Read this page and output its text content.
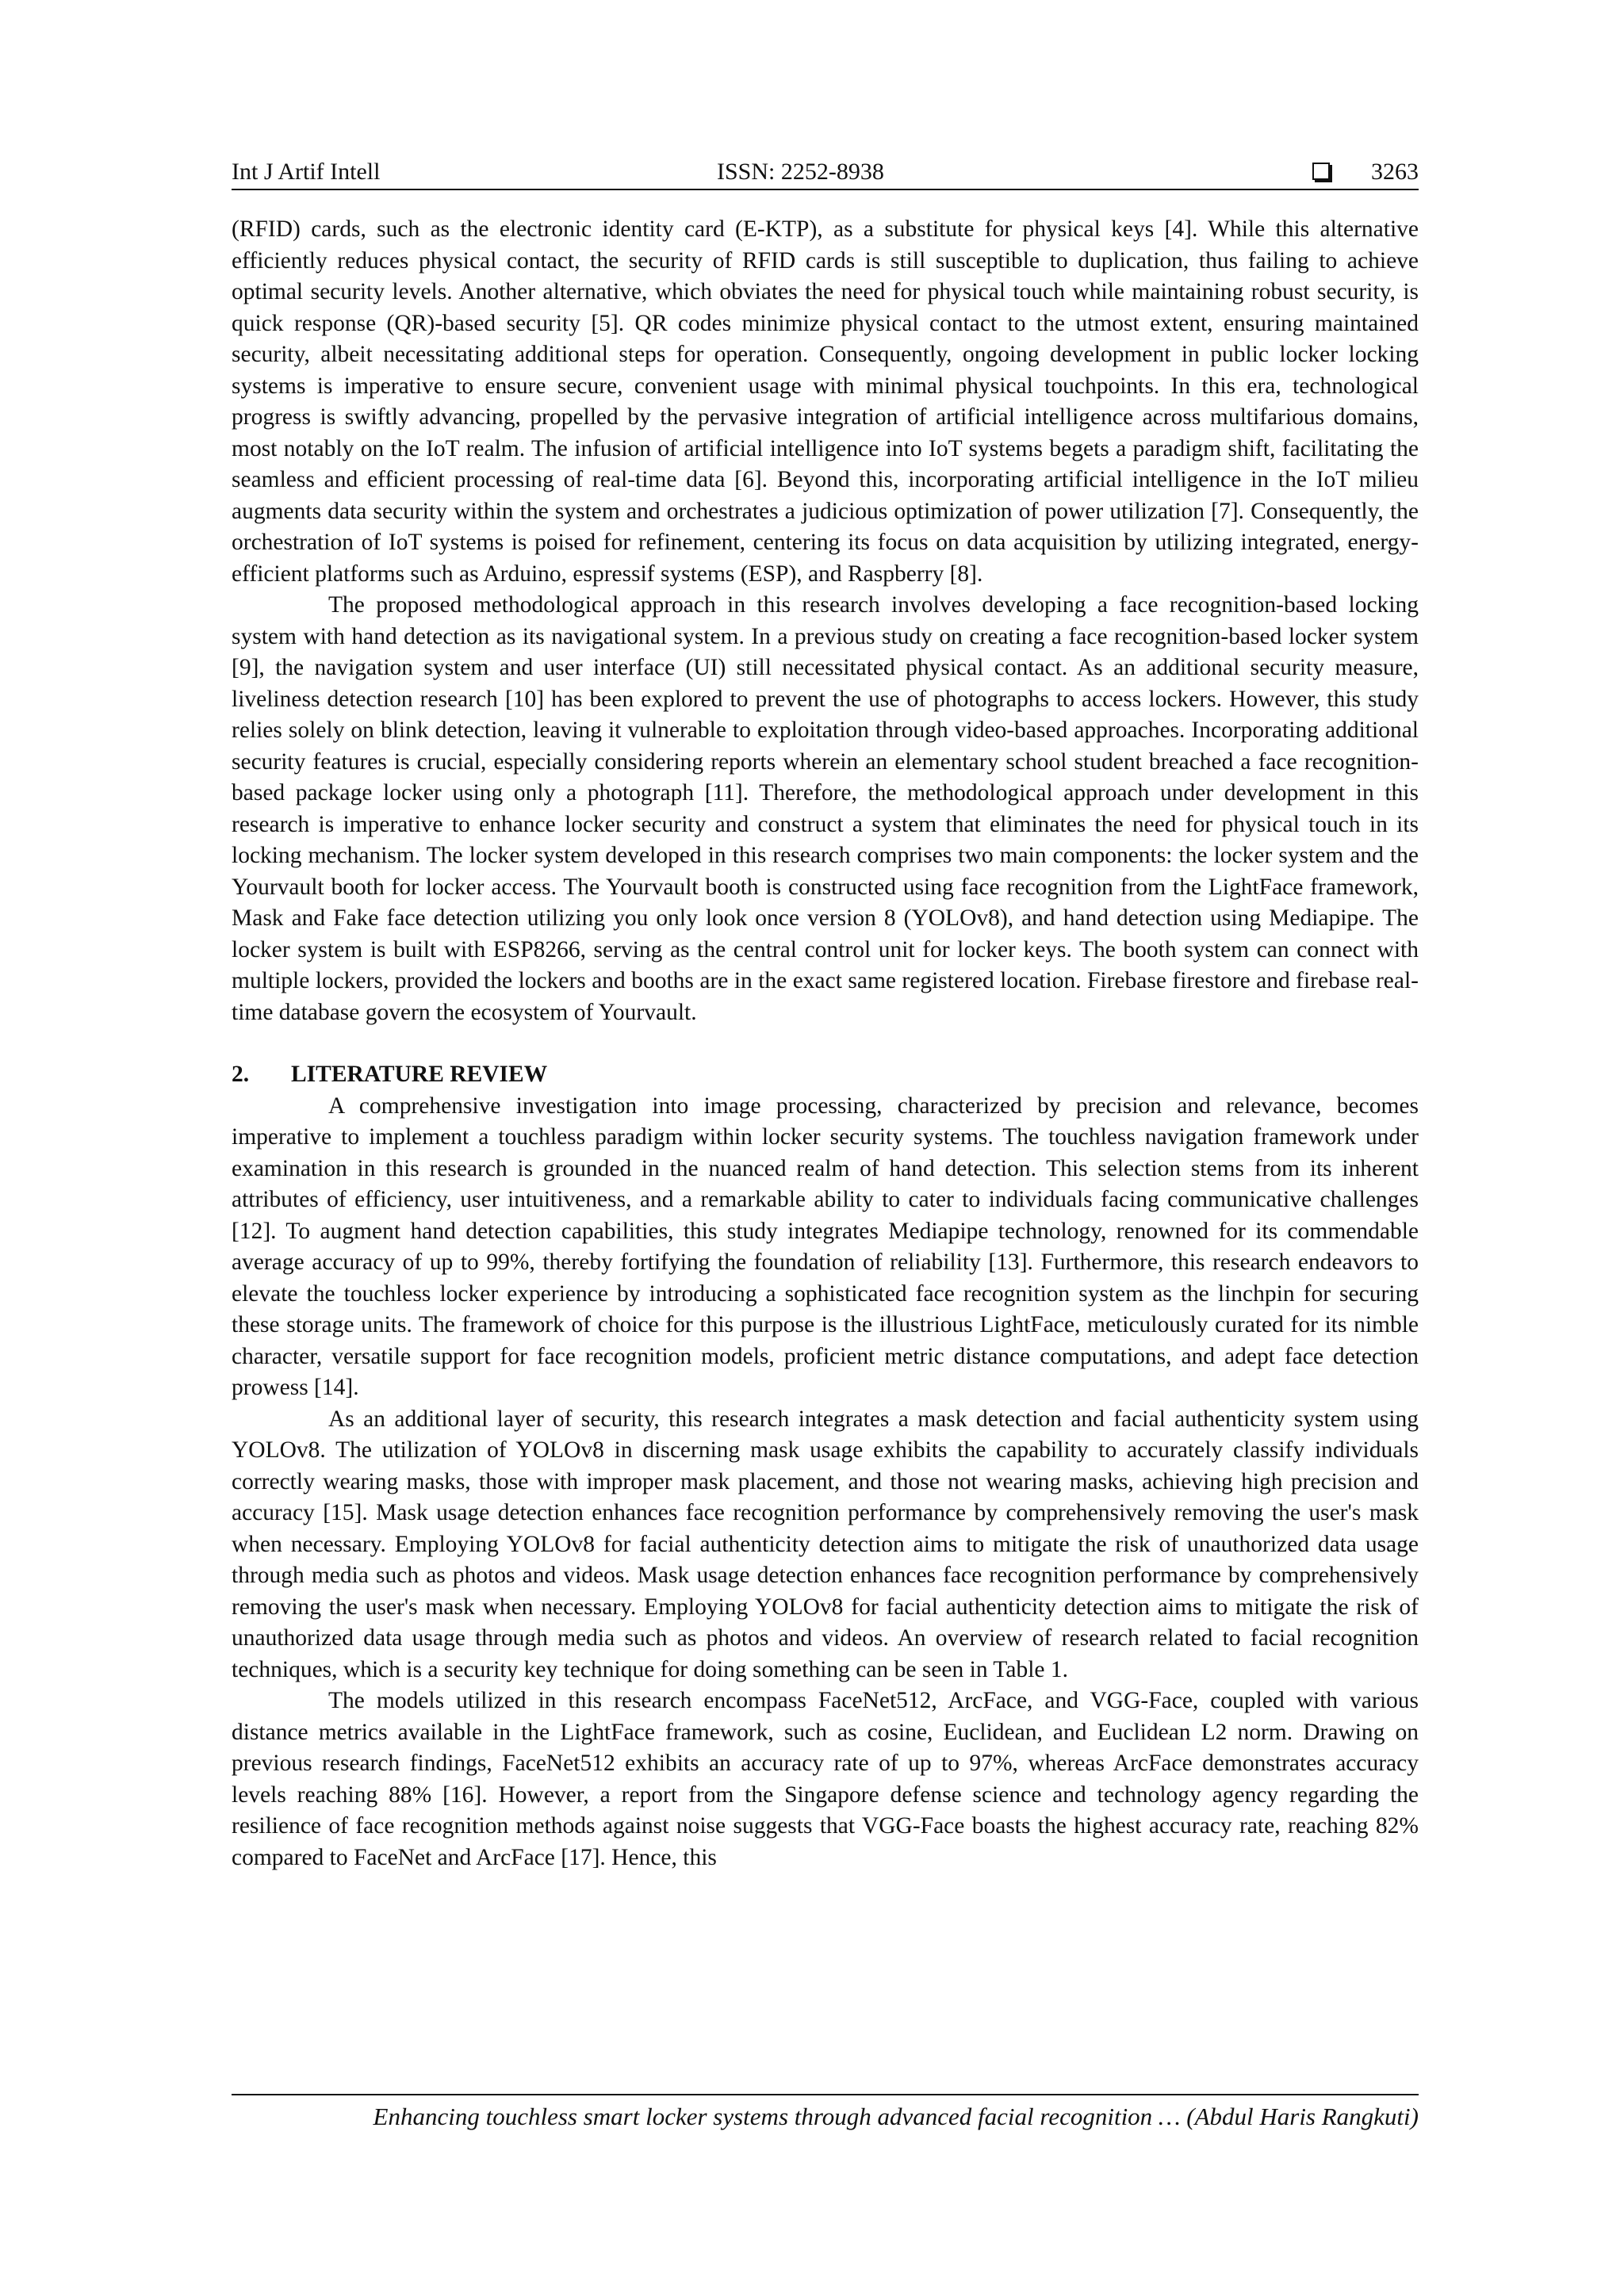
Int J Artif Intell	ISSN: 2252-8938	3263

(RFID) cards, such as the electronic identity card (E-KTP), as a substitute for physical keys [4]. While this alternative efficiently reduces physical contact, the security of RFID cards is still susceptible to duplication, thus failing to achieve optimal security levels. Another alternative, which obviates the need for physical touch while maintaining robust security, is quick response (QR)-based security [5]. QR codes minimize physical contact to the utmost extent, ensuring maintained security, albeit necessitating additional steps for operation. Consequently, ongoing development in public locker locking systems is imperative to ensure secure, convenient usage with minimal physical touchpoints. In this era, technological progress is swiftly advancing, propelled by the pervasive integration of artificial intelligence across multifarious domains, most notably on the IoT realm. The infusion of artificial intelligence into IoT systems begets a paradigm shift, facilitating the seamless and efficient processing of real-time data [6]. Beyond this, incorporating artificial intelligence in the IoT milieu augments data security within the system and orchestrates a judicious optimization of power utilization [7]. Consequently, the orchestration of IoT systems is poised for refinement, centering its focus on data acquisition by utilizing integrated, energy-efficient platforms such as Arduino, espressif systems (ESP), and Raspberry [8].

The proposed methodological approach in this research involves developing a face recognition-based locking system with hand detection as its navigational system. In a previous study on creating a face recognition-based locker system [9], the navigation system and user interface (UI) still necessitated physical contact. As an additional security measure, liveliness detection research [10] has been explored to prevent the use of photographs to access lockers. However, this study relies solely on blink detection, leaving it vulnerable to exploitation through video-based approaches. Incorporating additional security features is crucial, especially considering reports wherein an elementary school student breached a face recognition-based package locker using only a photograph [11]. Therefore, the methodological approach under development in this research is imperative to enhance locker security and construct a system that eliminates the need for physical touch in its locking mechanism. The locker system developed in this research comprises two main components: the locker system and the Yourvault booth for locker access. The Yourvault booth is constructed using face recognition from the LightFace framework, Mask and Fake face detection utilizing you only look once version 8 (YOLOv8), and hand detection using Mediapipe. The locker system is built with ESP8266, serving as the central control unit for locker keys. The booth system can connect with multiple lockers, provided the lockers and booths are in the exact same registered location. Firebase firestore and firebase real-time database govern the ecosystem of Yourvault.

2. LITERATURE REVIEW

A comprehensive investigation into image processing, characterized by precision and relevance, becomes imperative to implement a touchless paradigm within locker security systems. The touchless navigation framework under examination in this research is grounded in the nuanced realm of hand detection. This selection stems from its inherent attributes of efficiency, user intuitiveness, and a remarkable ability to cater to individuals facing communicative challenges [12]. To augment hand detection capabilities, this study integrates Mediapipe technology, renowned for its commendable average accuracy of up to 99%, thereby fortifying the foundation of reliability [13]. Furthermore, this research endeavors to elevate the touchless locker experience by introducing a sophisticated face recognition system as the linchpin for securing these storage units. The framework of choice for this purpose is the illustrious LightFace, meticulously curated for its nimble character, versatile support for face recognition models, proficient metric distance computations, and adept face detection prowess [14].

As an additional layer of security, this research integrates a mask detection and facial authenticity system using YOLOv8. The utilization of YOLOv8 in discerning mask usage exhibits the capability to accurately classify individuals correctly wearing masks, those with improper mask placement, and those not wearing masks, achieving high precision and accuracy [15]. Mask usage detection enhances face recognition performance by comprehensively removing the user's mask when necessary. Employing YOLOv8 for facial authenticity detection aims to mitigate the risk of unauthorized data usage through media such as photos and videos. Mask usage detection enhances face recognition performance by comprehensively removing the user's mask when necessary. Employing YOLOv8 for facial authenticity detection aims to mitigate the risk of unauthorized data usage through media such as photos and videos. An overview of research related to facial recognition techniques, which is a security key technique for doing something can be seen in Table 1.

The models utilized in this research encompass FaceNet512, ArcFace, and VGG-Face, coupled with various distance metrics available in the LightFace framework, such as cosine, Euclidean, and Euclidean L2 norm. Drawing on previous research findings, FaceNet512 exhibits an accuracy rate of up to 97%, whereas ArcFace demonstrates accuracy levels reaching 88% [16]. However, a report from the Singapore defense science and technology agency regarding the resilience of face recognition methods against noise suggests that VGG-Face boasts the highest accuracy rate, reaching 82% compared to FaceNet and ArcFace [17]. Hence, this

Enhancing touchless smart locker systems through advanced facial recognition … (Abdul Haris Rangkuti)
